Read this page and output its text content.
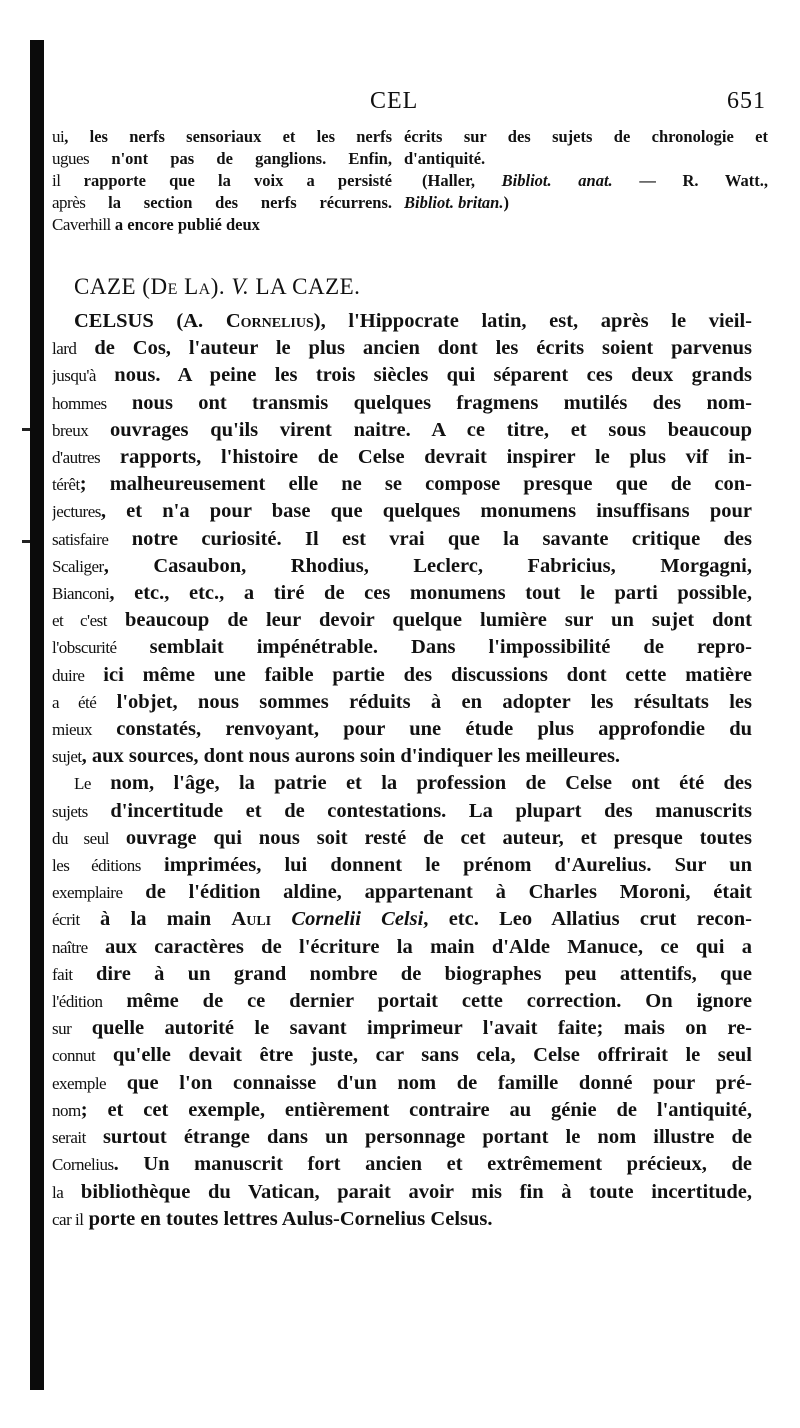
CEL	651
ui, les nerfs sensoriaux et les nerfs
ugues n'ont pas de ganglions. Enfin,
il rapporte que la voix a persisté
après la section des nerfs récurrens.
Caverhill a encore publié deux
écrits sur des sujets de chronologie et
d'antiquité.
(Haller, Bibliot. anat. — R. Watt.,
Bibliot. britan.)
CAZE (De La). V. LA CAZE.
CELSUS (A. Cornelius), l'Hippocrate latin, est, après le vieil-
lard de Cos, l'auteur le plus ancien dont les écrits soient parvenus
jusqu'à nous. A peine les trois siècles qui séparent ces deux grands
hommes nous ont transmis quelques fragmens mutilés des nom-
breux ouvrages qu'ils virent naitre. A ce titre, et sous beaucoup
d'autres rapports, l'histoire de Celse devrait inspirer le plus vif in-
térêt; malheureusement elle ne se compose presque que de con-
jectures, et n'a pour base que quelques monumens insuffisans pour
satisfaire notre curiosité. Il est vrai que la savante critique des
Scaliger, Casaubon, Rhodius, Leclerc, Fabricius, Morgagni,
Bianconi, etc., etc., a tiré de ces monumens tout le parti possible,
et c'est beaucoup de leur devoir quelque lumière sur un sujet dont
l'obscurité semblait impénétrable. Dans l'impossibilité de repro-
duire ici même une faible partie des discussions dont cette matière
a été l'objet, nous sommes réduits à en adopter les résultats les
mieux constatés, renvoyant, pour une étude plus approfondie du
sujet, aux sources, dont nous aurons soin d'indiquer les meilleures.
Le nom, l'âge, la patrie et la profession de Celse ont été des
sujets d'incertitude et de contestations. La plupart des manuscrits
du seul ouvrage qui nous soit resté de cet auteur, et presque toutes
les éditions imprimées, lui donnent le prénom d'Aurelius. Sur un
exemplaire de l'édition aldine, appartenant à Charles Moroni, était
écrit à la main Auli Cornelii Celsi, etc. Leo Allatius crut recon-
naître aux caractères de l'écriture la main d'Alde Manuce, ce qui a
fait dire à un grand nombre de biographes peu attentifs, que
l'édition même de ce dernier portait cette correction. On ignore
sur quelle autorité le savant imprimeur l'avait faite; mais on re-
connut qu'elle devait être juste, car sans cela, Celse offrirait le seul
exemple que l'on connaisse d'un nom de famille donné pour pré-
nom; et cet exemple, entièrement contraire au génie de l'antiquité,
serait surtout étrange dans un personnage portant le nom illustre de
Cornelius. Un manuscrit fort ancien et extrêmement précieux, de
la bibliothèque du Vatican, parait avoir mis fin à toute incertitude,
car il porte en toutes lettres Aulus-Cornelius Celsus.
